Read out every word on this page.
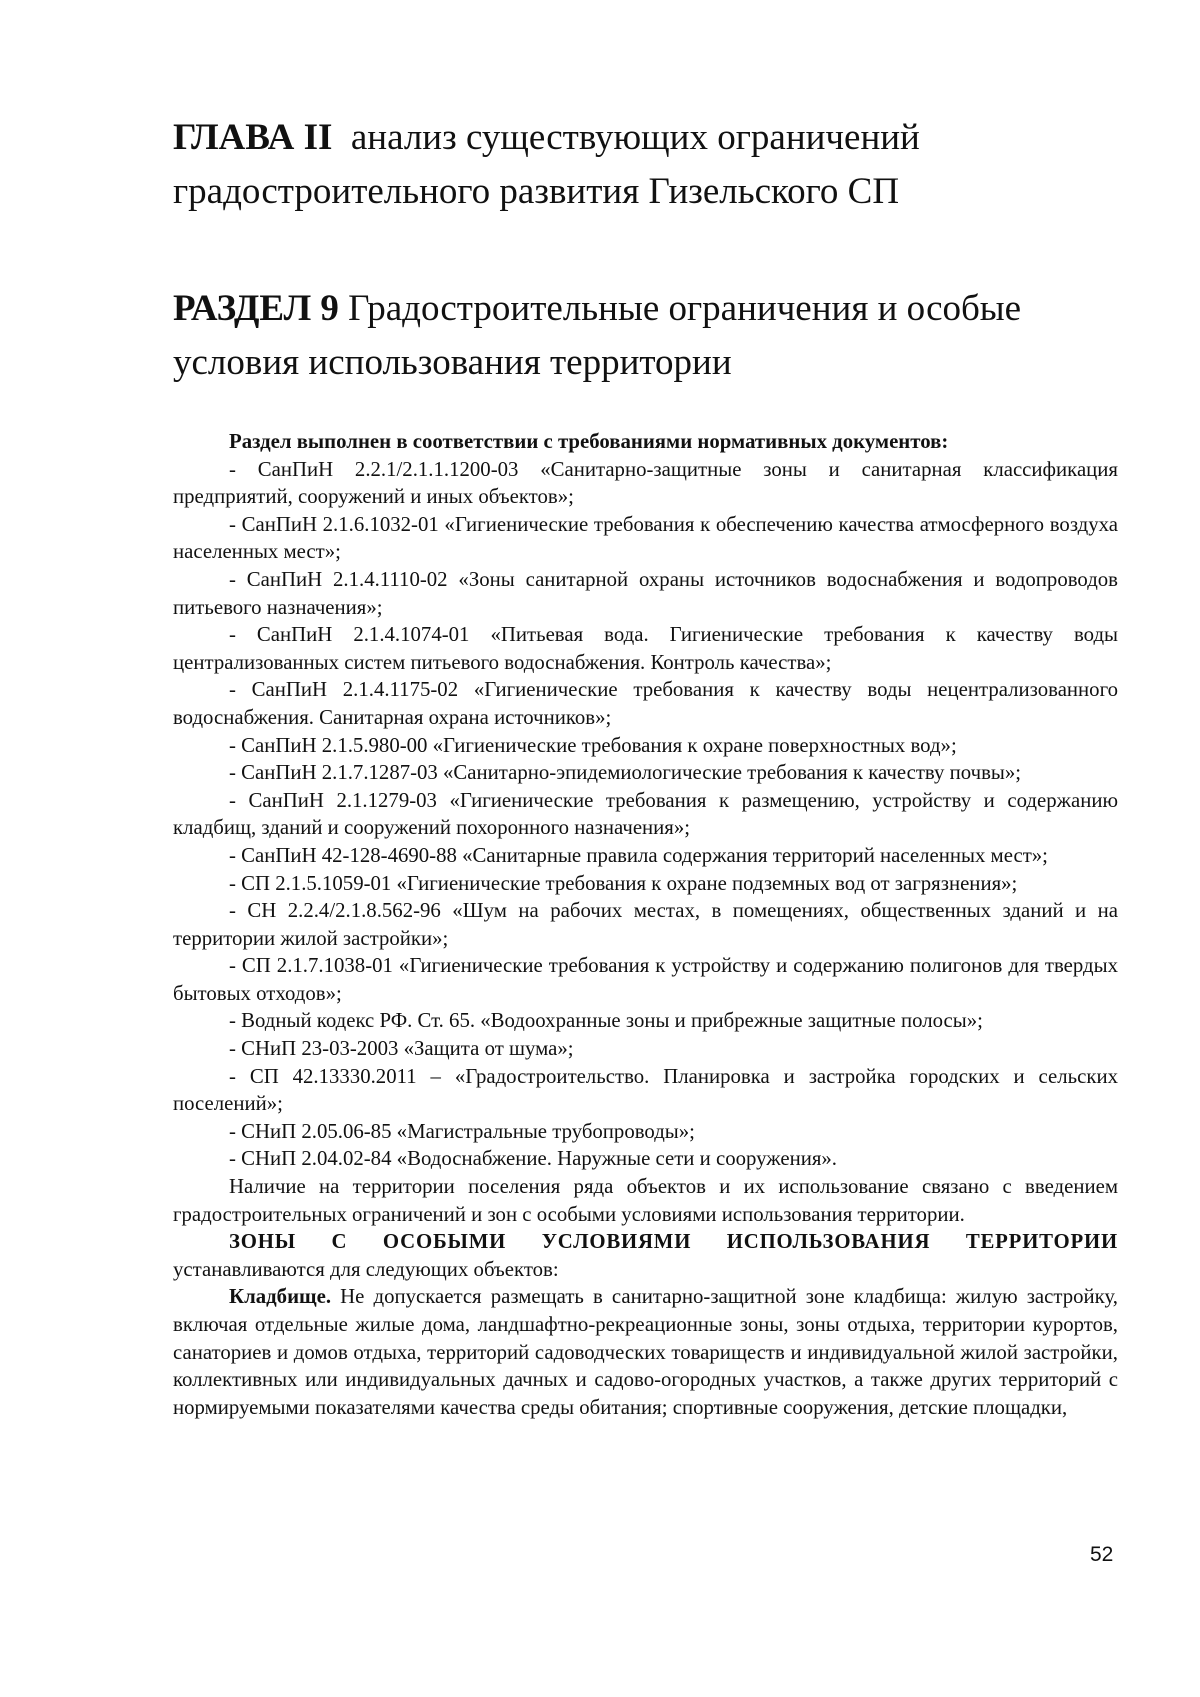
ГЛАВА II анализ существующих ограничений
градостроительного развития Гизельского СП
РАЗДЕЛ 9 Градостроительные ограничения и особые
условия использования территории

Раздел выполнен в соответствии с требованиями нормативных документов:

- СанПиН 2.2.1/2.1.1.1200-03 «Санитарно-защитные зоны и санитарная классификация предприятий, сооружений и иных объектов»;

- СанПиН 2.1.6.1032-01 «Гигиенические требования к обеспечению качества атмосферного воздуха населенных мест»;

- СанПиН 2.1.4.1110-02 «Зоны санитарной охраны источников водоснабжения и водопроводов питьевого назначения»;

- СанПиН 2.1.4.1074-01 «Питьевая вода. Гигиенические требования к качеству воды централизованных систем питьевого водоснабжения. Контроль качества»;

- СанПиН 2.1.4.1175-02 «Гигиенические требования к качеству воды нецентрализованного водоснабжения. Санитарная охрана источников»;

- СанПиН 2.1.5.980-00 «Гигиенические требования к охране поверхностных вод»;

- СанПиН 2.1.7.1287-03 «Санитарно-эпидемиологические требования к качеству почвы»;

- СанПиН 2.1.1279-03 «Гигиенические требования к размещению, устройству и содержанию кладбищ, зданий и сооружений похоронного назначения»;

- СанПиН 42-128-4690-88 «Санитарные правила содержания территорий населенных мест»;

- СП 2.1.5.1059-01 «Гигиенические требования к охране подземных вод от загрязнения»;

- СН 2.2.4/2.1.8.562-96 «Шум на рабочих местах, в помещениях, общественных зданий и на территории жилой застройки»;

- СП 2.1.7.1038-01 «Гигиенические требования к устройству и содержанию полигонов для твердых бытовых отходов»;

- Водный кодекс РФ. Ст. 65. «Водоохранные зоны и прибрежные защитные полосы»;

- СНиП 23-03-2003 «Защита от шума»;

- СП 42.13330.2011 – «Градостроительство. Планировка и застройка городских и сельских поселений»;

- СНиП 2.05.06-85 «Магистральные трубопроводы»;

- СНиП 2.04.02-84 «Водоснабжение. Наружные сети и сооружения».

Наличие на территории поселения ряда объектов и их использование связано с введением градостроительных ограничений и зон с особыми условиями использования территории.

ЗОНЫ С ОСОБЫМИ УСЛОВИЯМИ ИСПОЛЬЗОВАНИЯ ТЕРРИТОРИИ устанавливаются для следующих объектов:

Кладбище. Не допускается размещать в санитарно-защитной зоне кладбища: жилую застройку, включая отдельные жилые дома, ландшафтно-рекреационные зоны, зоны отдыха, территории курортов, санаториев и домов отдыха, территорий садоводческих товариществ и индивидуальной жилой застройки, коллективных или индивидуальных дачных и садово-огородных участков, а также других территорий с нормируемыми показателями качества среды обитания; спортивные сооружения, детские площадки,

52
